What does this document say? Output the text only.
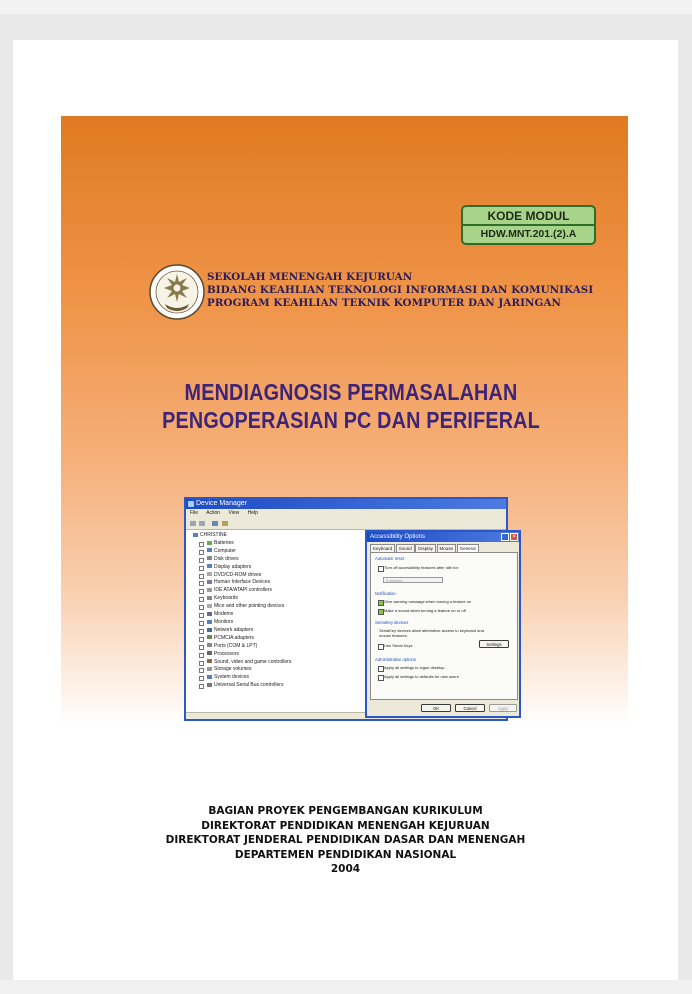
KODE MODUL
HDW.MNT.201.(2).A
SEKOLAH MENENGAH KEJURUAN
BIDANG KEAHLIAN TEKNOLOGI INFORMASI DAN KOMUNIKASI
PROGRAM KEAHLIAN TEKNIK KOMPUTER DAN JARINGAN
MENDIAGNOSIS PERMASALAHAN
PENGOPERASIAN PC DAN PERIFERAL
Device Manager
File Action View Help
CHRISTINE
Batteries
Computer
Disk drives
Display adapters
DVD/CD-ROM drives
Human Interface Devices
IDE ATA/ATAPI controllers
Keyboards
Mice and other pointing devices
Modems
Monitors
Network adapters
PCMCIA adapters
Ports (COM & LPT)
Processors
Sound, video and game controllers
Storage volumes
System devices
Universal Serial Bus controllers
Accessibility Options	×
Keyboard Sound Display Mouse General
Automatic reset
Turn off accessibility features after idle for:
5 minutes
Notification
Give warning message when turning a feature on
Make a sound when turning a feature on or off
SerialKey devices
SerialKey devices allow alternative access to keyboard and
mouse features.
Use Serial Keys	Settings
Administrative options
Apply all settings to logon desktop
Apply all settings to defaults for new users
OK	Cancel	Apply
BAGIAN PROYEK PENGEMBANGAN KURIKULUM
DIREKTORAT PENDIDIKAN MENENGAH KEJURUAN
DIREKTORAT JENDERAL PENDIDIKAN DASAR DAN MENENGAH
DEPARTEMEN PENDIDIKAN NASIONAL
2004
